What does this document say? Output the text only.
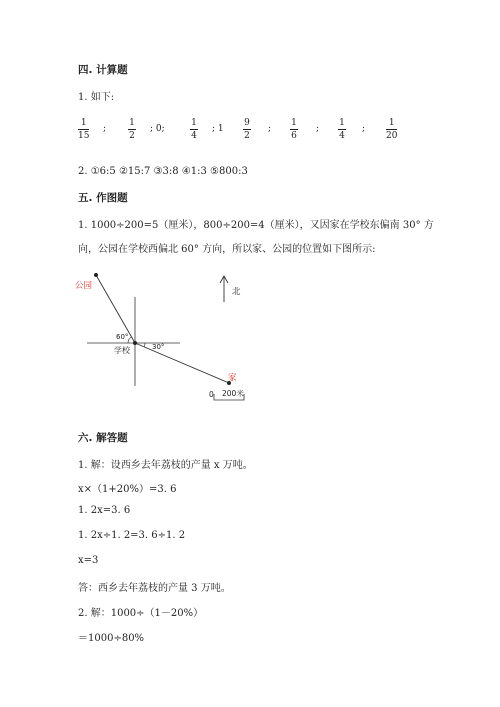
四. 计算题
1. 如下:
1
15
;
1
2
; 0;
1
4
; 1
9
2
;
1
6
;
1
4
;
1
20
2. ①6:5 ②15:7 ③3:8 ④1:3 ⑤800:3
五. 作图题
1. 1000÷200=5（厘米），800÷200=4（厘米），又因家在学校东偏南 30° 方
向，公园在学校西偏北 60° 方向，所以家、公园的位置如下图所示:
公园
学校
家
北
60°
30°
0 200米
六. 解答题
1. 解：设西乡去年荔枝的产量 x 万吨。
x×（1+20%）=3. 6
1. 2x=3. 6
1. 2x÷1. 2=3. 6÷1. 2
x=3
答：西乡去年荔枝的产量 3 万吨。
2. 解：1000÷（1－20%）
＝1000÷80%
